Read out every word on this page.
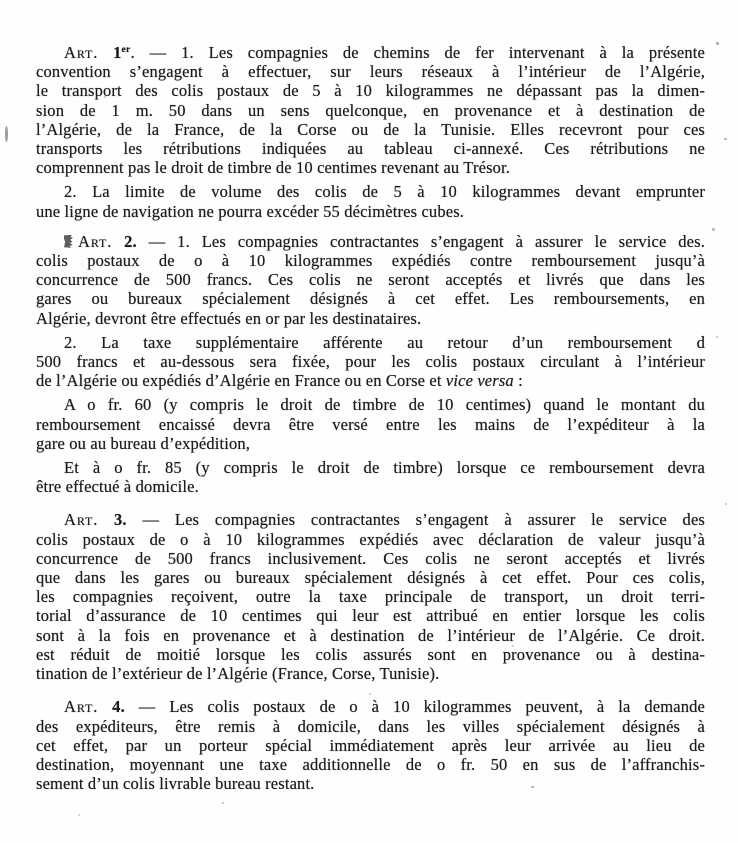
Art. 1er. — 1. Les compagnies de chemins de fer intervenant à la présente
convention s’engagent à effectuer, sur leurs réseaux à l’intérieur de l’Algérie,
le transport des colis postaux de 5 à 10 kilogrammes ne dépassant pas la dimen-
sion de 1 m. 50 dans un sens quelconque, en provenance et à destination de
l’Algérie, de la France, de la Corse ou de la Tunisie. Elles recevront pour ces
transports les rétributions indiquées au tableau ci-annexé. Ces rétributions ne
comprennent pas le droit de timbre de 10 centimes revenant au Trésor.
2. La limite de volume des colis de 5 à 10 kilogrammes devant emprunter
une ligne de navigation ne pourra excéder 55 décimètres cubes.
Art. 2. — 1. Les compagnies contractantes s’engagent à assurer le service des.
colis postaux de o à 10 kilogrammes expédiés contre remboursement jusqu’à
concurrence de 500 francs. Ces colis ne seront acceptés et livrés que dans les
gares ou bureaux spécialement désignés à cet effet. Les remboursements, en
Algérie, devront être effectués en or par les destinataires.
2. La taxe supplémentaire afférente au retour d’un remboursement d
500 francs et au-dessous sera fixée, pour les colis postaux circulant à l’intérieur
de l’Algérie ou expédiés d’Algérie en France ou en Corse et vice versa :
A o fr. 60 (y compris le droit de timbre de 10 centimes) quand le montant du
remboursement encaissé devra être versé entre les mains de l’expéditeur à la
gare ou au bureau d’expédition,
Et à o fr. 85 (y compris le droit de timbre) lorsque ce remboursement devra
être effectué à domicile.
Art. 3. — Les compagnies contractantes s’engagent à assurer le service des
colis postaux de o à 10 kilogrammes expédiés avec déclaration de valeur jusqu’à
concurrence de 500 francs inclusivement. Ces colis ne seront acceptés et livrés
que dans les gares ou bureaux spécialement désignés à cet effet. Pour ces colis,
les compagnies reçoivent, outre la taxe principale de transport, un droit terri-
torial d’assurance de 10 centimes qui leur est attribué en entier lorsque les colis
sont à la fois en provenance et à destination de l’intérieur de l’Algérie. Ce droit.
est réduit de moitié lorsque les colis assurés sont en provenance ou à destina-
tination de l’extérieur de l’Algérie (France, Corse, Tunisie).
Art. 4. — Les colis postaux de o à 10 kilogrammes peuvent, à la demande
des expéditeurs, être remis à domicile, dans les villes spécialement désignés à
cet effet, par un porteur spécial immédiatement après leur arrivée au lieu de
destination, moyennant une taxe additionnelle de o fr. 50 en sus de l’affranchis-
sement d’un colis livrable bureau restant.
